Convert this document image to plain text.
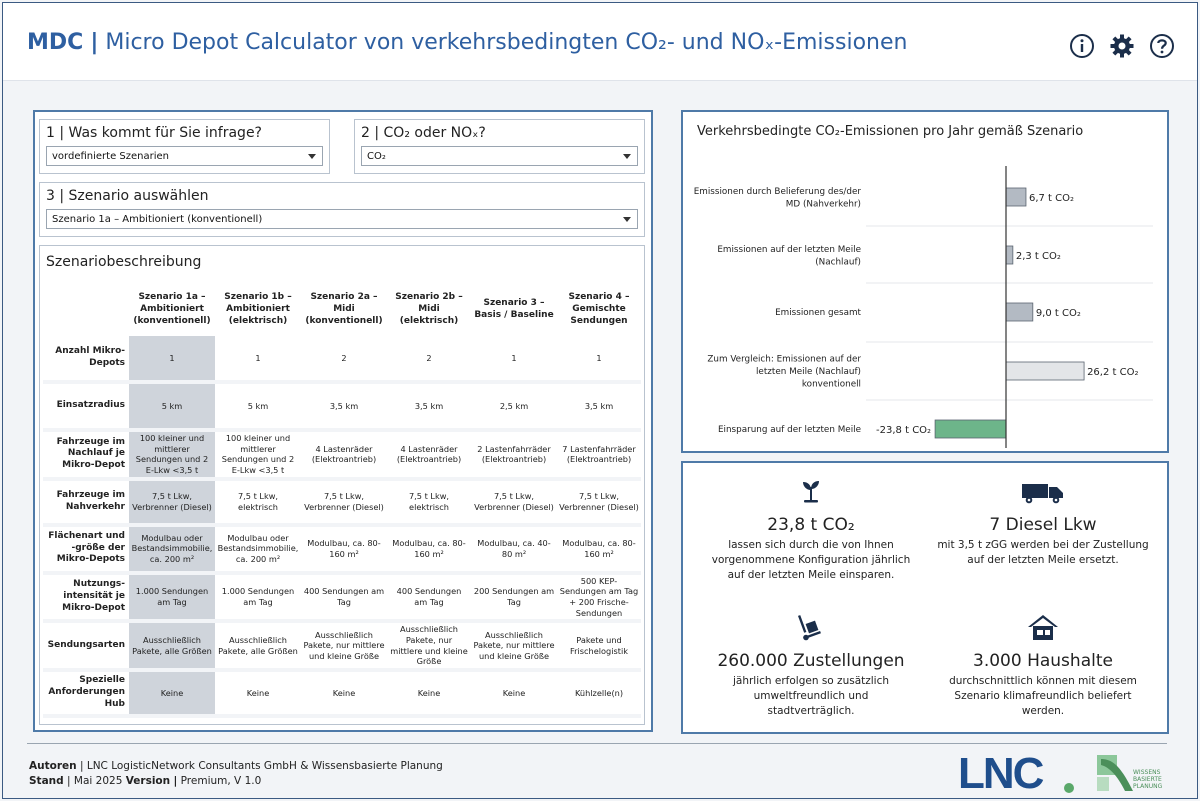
MDC | Micro Depot Calculator von verkehrsbedingten CO₂- und NOₓ-Emissionen
1 | Was kommt für Sie infrage?
vordefinierte Szenarien
2 | CO₂ oder NOₓ?
CO₂
3 | Szenario auswählen
Szenario 1a – Ambitioniert (konventionell)
Szenariobeschreibung
	Szenario 1a – Ambitioniert (konventionell)	Szenario 1b – Ambitioniert (elektrisch)	Szenario 2a – Midi (konventionell)	Szenario 2b – Midi (elektrisch)	Szenario 3 – Basis / Baseline	Szenario 4 – Gemischte Sendungen
Anzahl Mikro-Depots	1	1	2	2	1	1
Einsatzradius	5 km	5 km	3,5 km	3,5 km	2,5 km	3,5 km
Fahrzeuge im Nachlauf je Mikro-Depot	100 kleiner und mittlerer Sendungen und 2 E-Lkw <3,5 t	100 kleiner und mittlerer Sendungen und 2 E-Lkw <3,5 t	4 Lastenräder (Elektroantrieb)	4 Lastenräder (Elektroantrieb)	2 Lastenfahrräder (Elektroantrieb)	7 Lastenfahrräder (Elektroantrieb)
Fahrzeuge im Nahverkehr	7,5 t Lkw, Verbrenner (Diesel)	7,5 t Lkw, elektrisch	7,5 t Lkw, Verbrenner (Diesel)	7,5 t Lkw, elektrisch	7,5 t Lkw, Verbrenner (Diesel)	7,5 t Lkw, Verbrenner (Diesel)
Flächenart und -größe der Mikro-Depots	Modulbau oder Bestandsimmobilie, ca. 200 m²	Modulbau oder Bestandsimmobilie, ca. 200 m²	Modulbau, ca. 80-160 m²	Modulbau, ca. 80-160 m²	Modulbau, ca. 40-80 m²	Modulbau, ca. 80-160 m²
Nutzungs-intensität je Mikro-Depot	1.000 Sendungen am Tag	1.000 Sendungen am Tag	400 Sendungen am Tag	400 Sendungen am Tag	200 Sendungen am Tag	500 KEP-Sendungen am Tag + 200 Frische-Sendungen
Sendungsarten	Ausschließlich Pakete, alle Größen	Ausschließlich Pakete, alle Größen	Ausschließlich Pakete, nur mittlere und kleine Größe	Ausschließlich Pakete, nur mittlere und kleine Größe	Ausschließlich Pakete, nur mittlere und kleine Größe	Pakete und Frischelogistik
Spezielle Anforderungen Hub	Keine	Keine	Keine	Keine	Keine	Kühlzelle(n)
Verkehrsbedingte CO₂-Emissionen pro Jahr gemäß Szenario
6,7 t CO₂
Emissionen durch Belieferung des/der MD (Nahverkehr)
2,3 t CO₂
Emissionen auf der letzten Meile (Nachlauf)
9,0 t CO₂
Emissionen gesamt
26,2 t CO₂
Zum Vergleich: Emissionen auf der letzten Meile (Nachlauf) konventionell
-23,8 t CO₂
Einsparung auf der letzten Meile
23,8 t CO₂
lassen sich durch die von Ihnen vorgenommene Konfiguration jährlich auf der letzten Meile einsparen.
7 Diesel Lkw
mit 3,5 t zGG werden bei der Zustellung auf der letzten Meile ersetzt.
260.000 Zustellungen
jährlich erfolgen so zusätzlich umweltfreundlich und stadtverträglich.
3.000 Haushalte
durchschnittlich können mit diesem Szenario klimafreundlich beliefert werden.
Autoren | LNC LogisticNetwork Consultants GmbH & Wissensbasierte Planung
Stand | Mai 2025 Version | Premium, V 1.0	LNC	WISSENS
BASIERTE
PLANUNG
